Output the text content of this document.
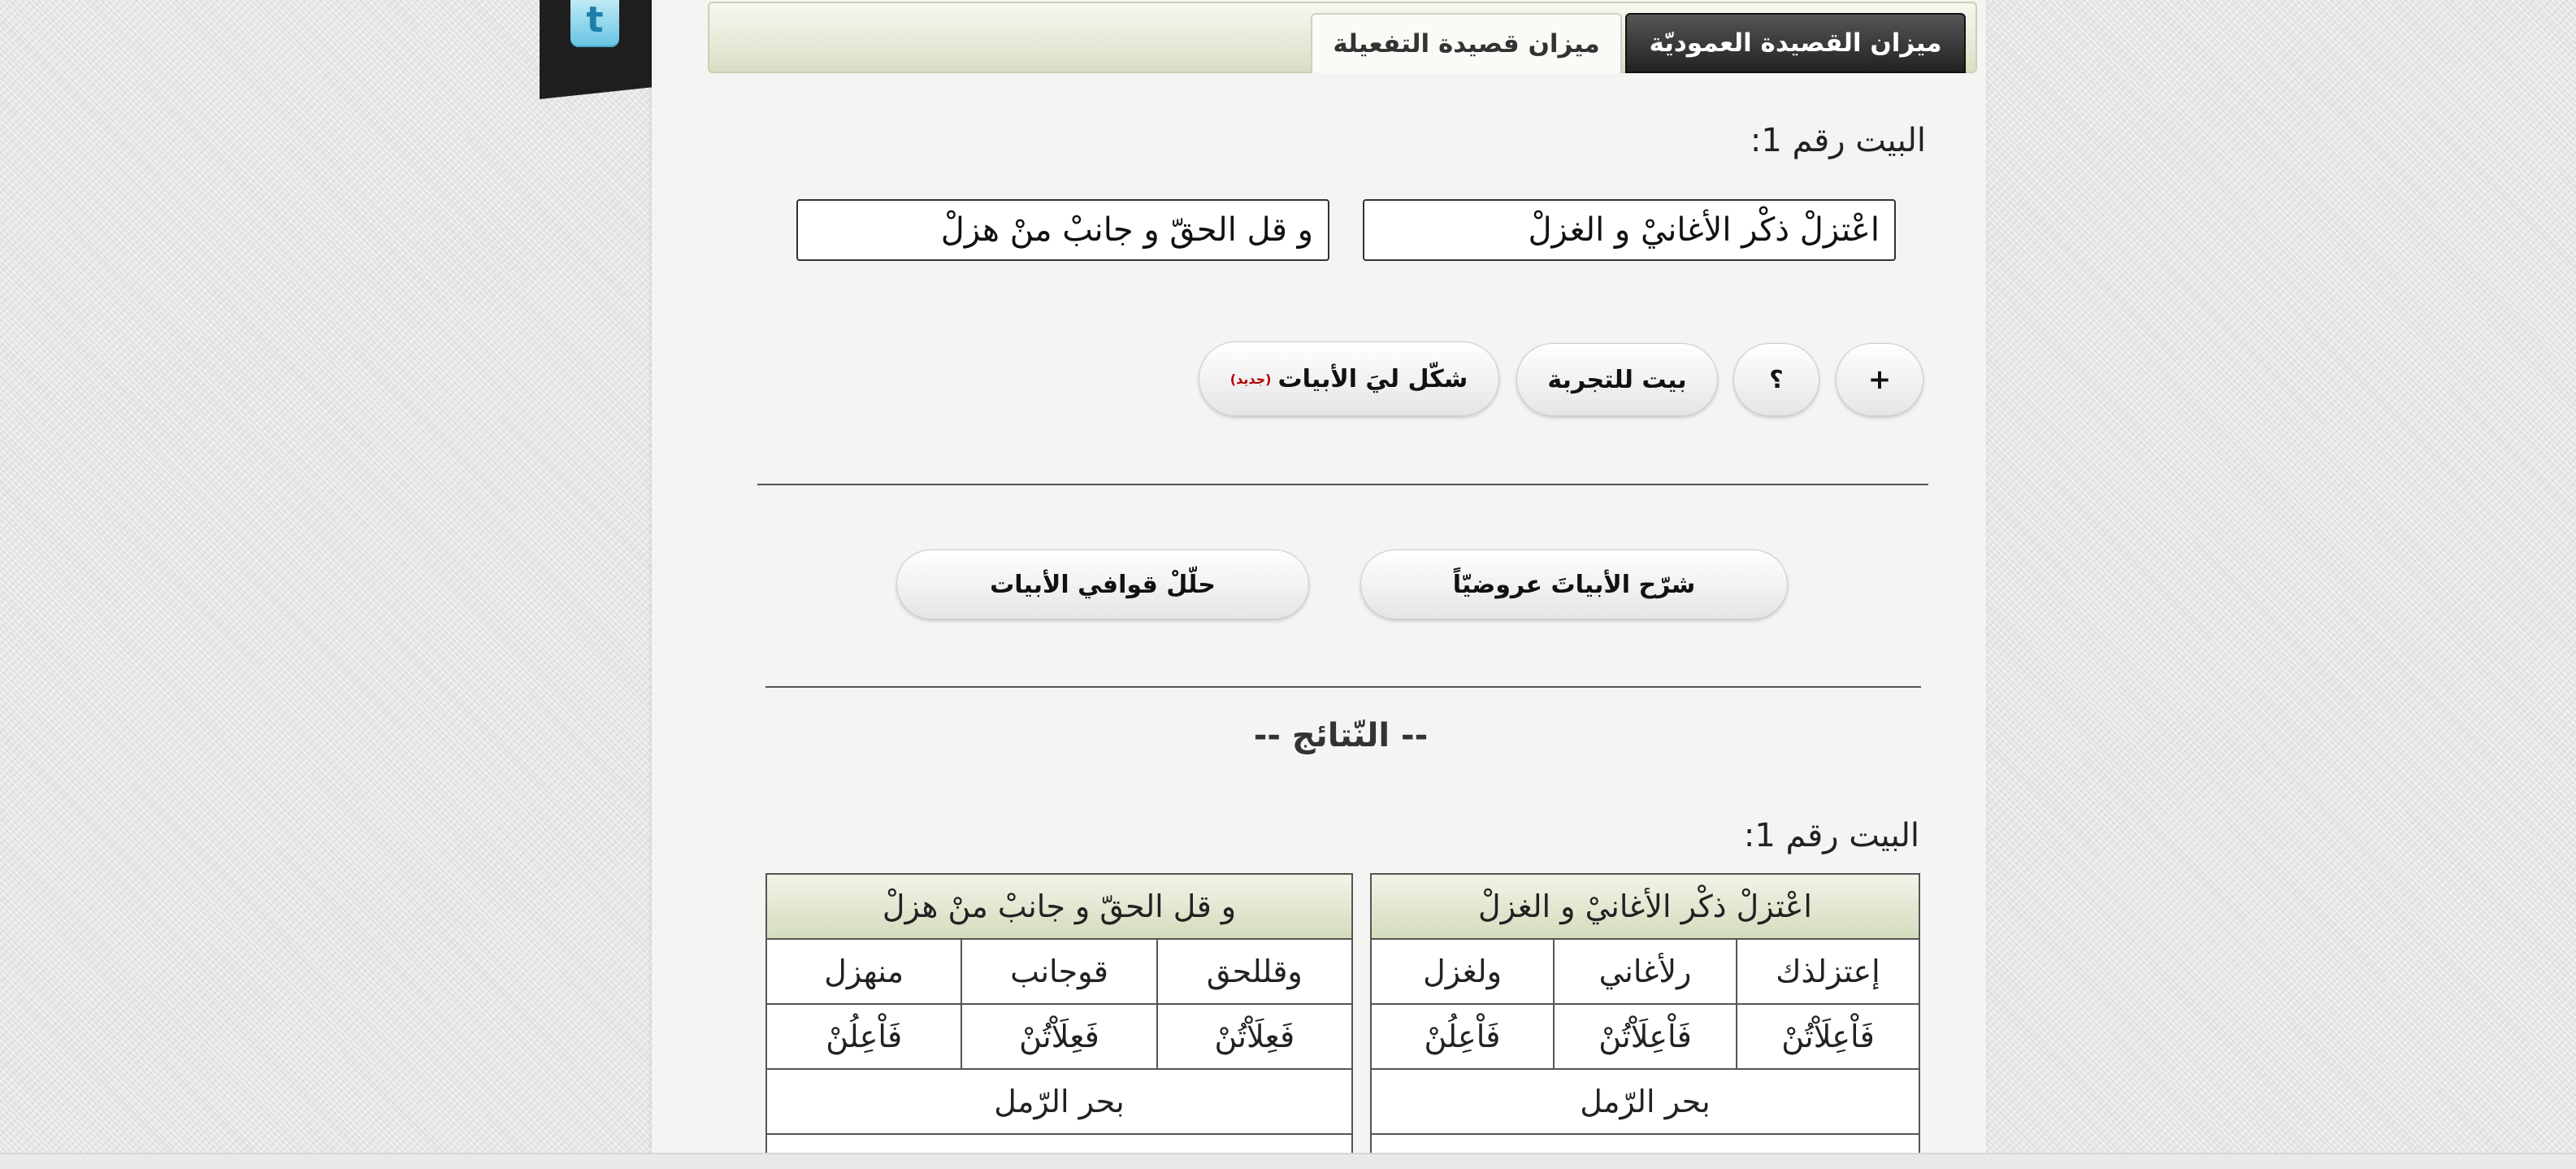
t
ميزان القصيدة العموديّة
ميزان قصيدة التفعيلة
البيت رقم 1:
اعْتزلْ ذكْر الأغانيْ و الغزلْ
و قل الحقّ و جانبْ منْ هزلْ
+
؟
بيت للتجربة
شكّل ليَ الأبيات
(جديد)
شرّح الأبياتَ عروضيّاً
حلّلْ قوافي الأبيات
-- النّتائج --
البيت رقم 1:
اعْتزلْ ذكْر الأغانيْ و الغزلْ		
إعتزلذك	رلأغاني	ولغزل
فَاْعِلَاْتُنْ	فَاْعِلَاْتُنْ	فَاْعِلُنْ
بحر الرّمل		

و قل الحقّ و جانبْ منْ هزلْ		
وقللحق	قوجانب	منهزل
فَعِلَاْتُنْ	فَعِلَاْتُنْ	فَاْعِلُنْ
بحر الرّمل		
